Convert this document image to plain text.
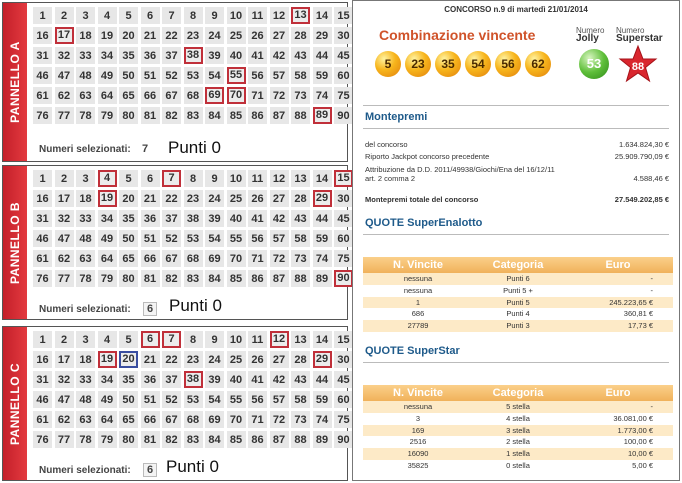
PANNELLO A
1	2	3	4	5	6	7	8	9	10 11 12 13 14 15
16 17 18 19 20 21 22 23 24 25 26 27 28 29 30
31 32 33 34 35 36 37 38 39 40 41 42 43 44 45
46 47 48 49 50 51 52 53 54 55 56 57 58 59 60
61 62 63 64 65 66 67 68 69 70 71 72 73 74 75
76 77 78 79 80 81 82 83 84 85 86 87 88 89 90
Numeri selezionati: 7 Punti 0
PANNELLO B
1	2	3	4	5	6	7	8	9	10 11 12 13 14 15
16 17 18 19 20 21 22 23 24 25 26 27 28 29 30
31 32 33 34 35 36 37 38 39 40 41 42 43 44 45
46 47 48 49 50 51 52 53 54 55 56 57 58 59 60
61 62 63 64 65 66 67 68 69 70 71 72 73 74 75
76 77 78 79 80 81 82 83 84 85 86 87 88 89 90
Numeri selezionati:	6 Punti 0
PANNELLO C
1	2	3	4	5	6	7	8	9	10 11 12 13 14 15
16 17 18 19 20 21 22 23 24 25 26 27 28 29 30
31 32 33 34 35 36 37 38 39 40 41 42 43 44 45
46 47 48 49 50 51 52 53 54 55 56 57 58 59 60
61 62 63 64 65 66 67 68 69 70 71 72 73 74 75
76 77 78 79 80 81 82 83 84 85 86 87 88 89 90
Numeri selezionati:	6 Punti 0
CONCORSO n.9 di martedì 21/01/2014
Combinazione vincente
5	23	35	54	56	62
Numero
Jolly
53
Numero
Superstar
88
Montepremi
del concorso	1.634.824,30 €
Riporto Jackpot concorso precedente	25.909.790,09 €
Attribuzione da D.D. 2011/49938/Giochi/Ena del 16/12/11 art. 2 comma 2	4.588,46 €
Montepremi totale del concorso	27.549.202,85 €
QUOTE SuperEnalotto
N. Vincite	Categoria	Euro
nessuna	Punti 6	-
nessuna	Punti 5 +	-
1	Punti 5	245.223,65 €
686	Punti 4	360,81 €
27789	Punti 3	17,73 €
QUOTE SuperStar
N. Vincite	Categoria	Euro
nessuna	5 stella	-
3	4 stella	36.081,00 €
169	3 stella	1.773,00 €
2516	2 stella	100,00 €
16090	1 stella	10,00 €
35825	0 stella	5,00 €
